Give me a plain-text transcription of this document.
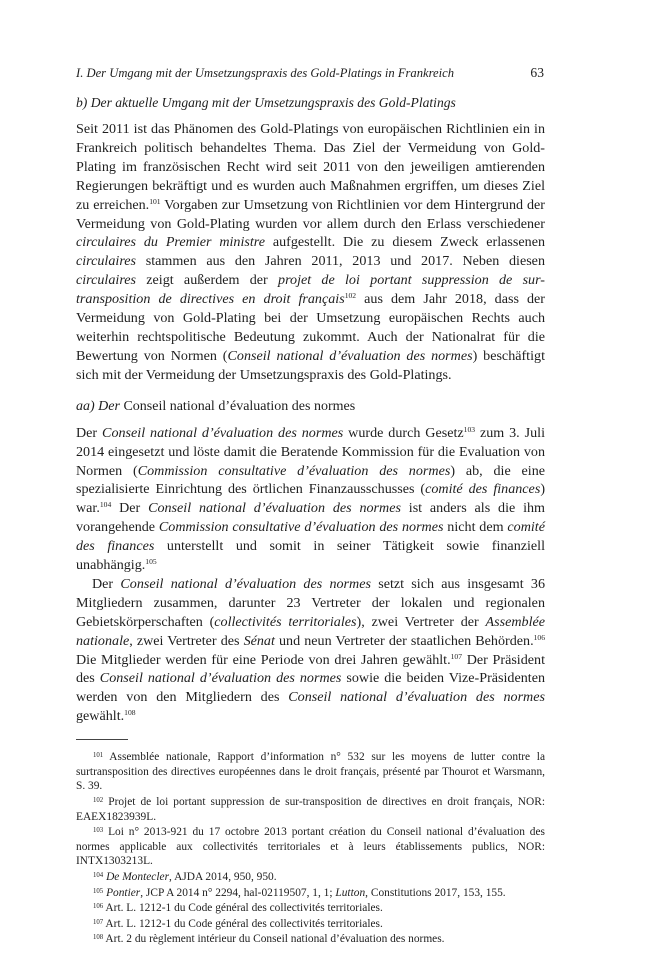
I. Der Umgang mit der Umsetzungspraxis des Gold-Platings in Frankreich	63
b) Der aktuelle Umgang mit der Umsetzungspraxis des Gold-Platings

Seit 2011 ist das Phänomen des Gold-Platings von europäischen Richtlinien ein in Frankreich politisch behandeltes Thema. Das Ziel der Vermeidung von Gold-Plating im französischen Recht wird seit 2011 von den jeweiligen amtierenden Regierungen bekräftigt und es wurden auch Maßnahmen ergriffen, um dieses Ziel zu erreichen.$^{101}$ Vorgaben zur Umsetzung von Richtlinien vor dem Hintergrund der Vermeidung von Gold-Plating wurden vor allem durch den Erlass verschiedener circulaires du Premier ministre aufgestellt. Die zu diesem Zweck erlassenen circulaires stammen aus den Jahren 2011, 2013 und 2017. Neben diesen circulaires zeigt außerdem der projet de loi portant suppression de sur-transposition de directives en droit français$^{102}$ aus dem Jahr 2018, dass der Vermeidung von Gold-Plating bei der Umsetzung europäischen Rechts auch weiterhin rechtspolitische Bedeutung zukommt. Auch der Nationalrat für die Bewertung von Normen (Conseil national d’évaluation des normes) beschäftigt sich mit der Vermeidung der Umsetzungspraxis des Gold-Platings.

aa) Der Conseil national d’évaluation des normes

Der Conseil national d’évaluation des normes wurde durch Gesetz$^{103}$ zum 3. Juli 2014 eingesetzt und löste damit die Beratende Kommission für die Evaluation von Normen (Commission consultative d’évaluation des normes) ab, die eine spezialisierte Einrichtung des örtlichen Finanzausschusses (comité des finances) war.$^{104}$ Der Conseil national d’évaluation des normes ist anders als die ihm vorangehende Commission consultative d’évaluation des normes nicht dem comité des finances unterstellt und somit in seiner Tätigkeit sowie finanziell unabhängig.$^{105}$

Der Conseil national d’évaluation des normes setzt sich aus insgesamt 36 Mitgliedern zusammen, darunter 23 Vertreter der lokalen und regionalen Gebietskörperschaften (collectivités territoriales), zwei Vertreter der Assemblée nationale, zwei Vertreter des Sénat und neun Vertreter der staatlichen Behörden.$^{106}$ Die Mitglieder werden für eine Periode von drei Jahren gewählt.$^{107}$ Der Präsident des Conseil national d’évaluation des normes sowie die beiden Vize-Präsidenten werden von den Mitgliedern des Conseil national d’évaluation des normes gewählt.$^{108}$

$^{101}$ Assemblée nationale, Rapport d’information n° 532 sur les moyens de lutter contre la surtransposition des directives européennes dans le droit français, présenté par Thourot et Warsmann, S. 39.
$^{102}$ Projet de loi portant suppression de sur-transposition de directives en droit français, NOR: EAEX1823939L.
$^{103}$ Loi n° 2013-921 du 17 octobre 2013 portant création du Conseil national d’évaluation des normes applicable aux collectivités territoriales et à leurs établissements publics, NOR: INTX1303213L.
$^{104}$ De Montecler, AJDA 2014, 950, 950.
$^{105}$ Pontier, JCP A 2014 n° 2294, hal-02119507, 1, 1; Lutton, Constitutions 2017, 153, 155.
$^{106}$ Art. L. 1212-1 du Code général des collectivités territoriales.
$^{107}$ Art. L. 1212-1 du Code général des collectivités territoriales.
$^{108}$ Art. 2 du règlement intérieur du Conseil national d’évaluation des normes.
